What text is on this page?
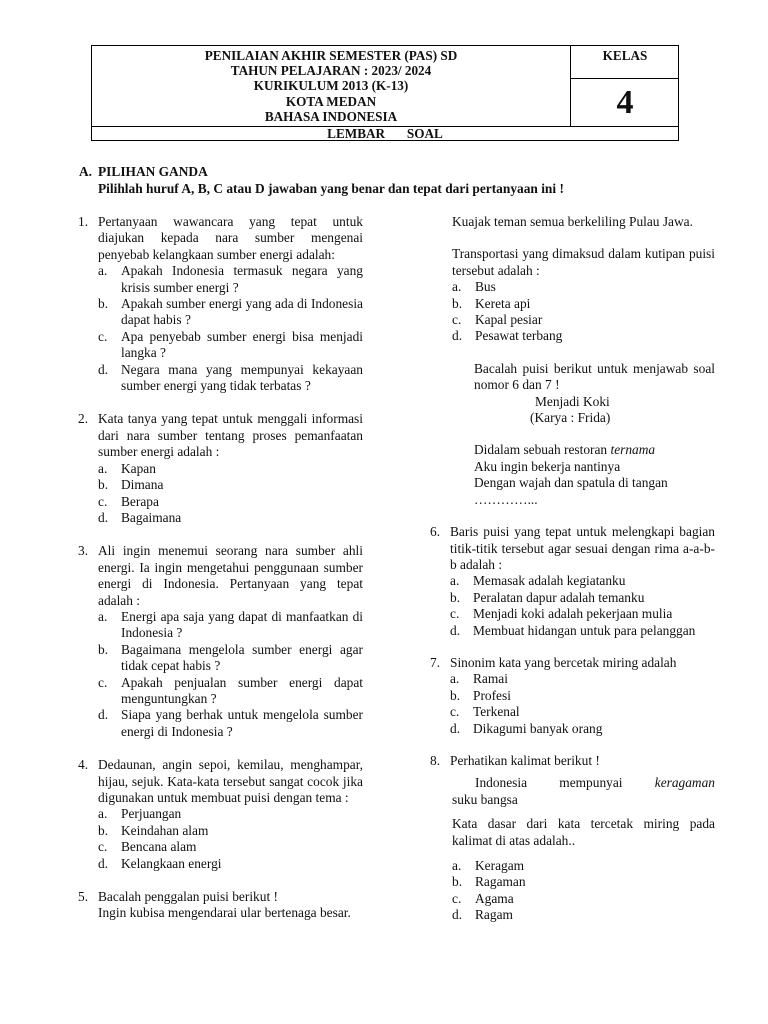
PENILAIAN AKHIR SEMESTER (PAS) SD
TAHUN PELAJARAN : 2023/ 2024
KURIKULUM 2013 (K-13)
KOTA MEDAN
BAHASA INDONESIA
KELAS
4
LEMBAR   SOAL
A. PILIHAN GANDA
Pilihlah huruf A, B, C atau D jawaban yang benar dan tepat dari pertanyaan ini !
1. Pertanyaan wawancara yang tepat untuk diajukan kepada nara sumber mengenai penyebab kelangkaan sumber energi adalah:
a. Apakah Indonesia termasuk negara yang krisis sumber energi ?
b. Apakah sumber energi yang ada di Indonesia dapat habis ?
c. Apa penyebab sumber energi bisa menjadi langka ?
d. Negara mana yang mempunyai kekayaan sumber energi yang tidak terbatas ?
2. Kata tanya yang tepat untuk menggali informasi dari nara sumber tentang proses pemanfaatan sumber energi adalah :
a. Kapan
b. Dimana
c. Berapa
d. Bagaimana
3. Ali ingin menemui seorang nara sumber ahli energi. Ia ingin mengetahui penggunaan sumber energi di Indonesia. Pertanyaan yang tepat adalah :
a. Energi apa saja yang dapat di manfaatkan di Indonesia ?
b. Bagaimana mengelola sumber energi agar tidak cepat habis ?
c. Apakah penjualan sumber energi dapat menguntungkan ?
d. Siapa yang berhak untuk mengelola sumber energi di Indonesia ?
4. Dedaunan, angin sepoi, kemilau, menghampar, hijau, sejuk. Kata-kata tersebut sangat cocok jika digunakan untuk membuat puisi dengan tema :
a. Perjuangan
b. Keindahan alam
c. Bencana alam
d. Kelangkaan energi
5. Bacalah penggalan puisi berikut !
Ingin kubisa mengendarai ular bertenaga besar.
Kuajak teman semua berkeliling Pulau Jawa.
Transportasi yang dimaksud dalam kutipan puisi tersebut adalah :
a. Bus
b. Kereta api
c. Kapal pesiar
d. Pesawat terbang
Bacalah puisi berikut untuk menjawab soal nomor 6 dan 7 !
Menjadi Koki
(Karya : Frida)
Didalam sebuah restoran ternama
Aku ingin bekerja nantinya
Dengan wajah dan spatula di tangan
…………...
6. Baris puisi yang tepat untuk melengkapi bagian titik-titik tersebut agar sesuai dengan rima a-a-b-b adalah :
a. Memasak adalah kegiatanku
b. Peralatan dapur adalah temanku
c. Menjadi koki adalah pekerjaan mulia
d. Membuat hidangan untuk para pelanggan
7. Sinonim kata yang bercetak miring adalah
a. Ramai
b. Profesi
c. Terkenal
d. Dikagumi banyak orang
8. Perhatikan kalimat berikut !
Indonesia mempunyai keragaman
suku bangsa
Kata dasar dari kata tercetak miring pada kalimat di atas adalah..
a. Keragam
b. Ragaman
c. Agama
d. Ragam
